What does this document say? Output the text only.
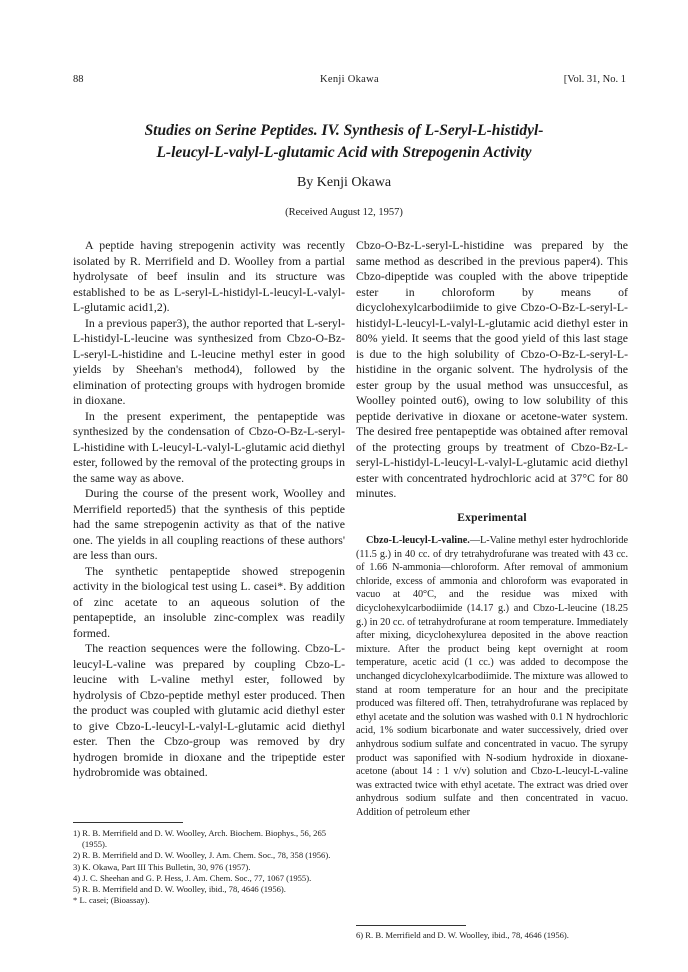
88	Kenji Okawa	[Vol. 31, No. 1
Studies on Serine Peptides. IV. Synthesis of L-Seryl-L-histidyl-
L-leucyl-L-valyl-L-glutamic Acid with Strepogenin Activity
By Kenji Okawa
(Received August 12, 1957)

A peptide having strepogenin activity was recently isolated by R. Merrifield and D. Woolley from a partial hydrolysate of beef insulin and its structure was established to be as L-seryl-L-histidyl-L-leucyl-L-valyl-L-glutamic acid1,2).

In a previous paper3), the author reported that L-seryl-L-histidyl-L-leucine was synthesized from Cbzo-O-Bz-L-seryl-L-histidine and L-leucine methyl ester in good yields by Sheehan's method4), followed by the elimination of protecting groups with hydrogen bromide in dioxane.

In the present experiment, the pentapeptide was synthesized by the condensation of Cbzo-O-Bz-L-seryl-L-histidine with L-leucyl-L-valyl-L-glutamic acid diethyl ester, followed by the removal of the protecting groups in the same way as above.

During the course of the present work, Woolley and Merrifield reported5) that the synthesis of this peptide had the same strepogenin activity as that of the native one. The yields in all coupling reactions of these authors' are less than ours.

The synthetic pentapeptide showed strepogenin activity in the biological test using L. casei*. By addition of zinc acetate to an aqueous solution of the pentapeptide, an insoluble zinc-complex was readily formed.

The reaction sequences were the following. Cbzo-L-leucyl-L-valine was prepared by coupling Cbzo-L-leucine with L-valine methyl ester, followed by hydrolysis of Cbzo-peptide methyl ester produced. Then the product was coupled with glutamic acid diethyl ester to give Cbzo-L-leucyl-L-valyl-L-glutamic acid diethyl ester. Then the Cbzo-group was removed by dry hydrogen bromide in dioxane and the tripeptide ester hydrobromide was obtained.

1) R. B. Merrifield and D. W. Woolley, Arch. Biochem. Biophys., 56, 265 (1955).
2) R. B. Merrifield and D. W. Woolley, J. Am. Chem. Soc., 78, 358 (1956).
3) K. Okawa, Part III This Bulletin, 30, 976 (1957).
4) J. C. Sheehan and G. P. Hess, J. Am. Chem. Soc., 77, 1067 (1955).
5) R. B. Merrifield and D. W. Woolley, ibid., 78, 4646 (1956).
* L. casei; (Bioassay).

Cbzo-O-Bz-L-seryl-L-histidine was prepared by the same method as described in the previous paper4). This Cbzo-dipeptide was coupled with the above tripeptide ester in chloroform by means of dicyclohexylcarbodiimide to give Cbzo-O-Bz-L-seryl-L-histidyl-L-leucyl-L-valyl-L-glutamic acid diethyl ester in 80% yield. It seems that the good yield of this last stage is due to the high solubility of Cbzo-O-Bz-L-seryl-L-histidine in the organic solvent. The hydrolysis of the ester group by the usual method was unsuccesful, as Woolley pointed out6), owing to low solubility of this peptide derivative in dioxane or acetone-water system. The desired free pentapeptide was obtained after removal of the protecting groups by treatment of Cbzo-Bz-L-seryl-L-histidyl-L-leucyl-L-valyl-L-glutamic acid diethyl ester with concentrated hydrochloric acid at 37°C for 80 minutes.

Experimental

Cbzo-L-leucyl-L-valine.—L-Valine methyl ester hydrochloride (11.5 g.) in 40 cc. of dry tetrahydrofurane was treated with 43 cc. of 1.66 N-ammonia—chloroform. After removal of ammonium chloride, excess of ammonia and chloroform was evaporated in vacuo at 40°C, and the residue was mixed with dicyclohexylcarbodiimide (14.17 g.) and Cbzo-L-leucine (18.25 g.) in 20 cc. of tetrahydrofurane at room temperature. Immediately after mixing, dicyclohexylurea deposited in the above reaction mixture. After the product being kept overnight at room temperature, acetic acid (1 cc.) was added to decompose the unchanged dicyclohexylcarbodiimide. The mixture was allowed to stand at room temperature for an hour and the precipitate produced was filtered off. Then, tetrahydrofurane was replaced by ethyl acetate and the solution was washed with 0.1 N hydrochloric acid, 1% sodium bicarbonate and water successively, dried over anhydrous sodium sulfate and concentrated in vacuo. The syrupy product was saponified with N-sodium hydroxide in dioxane-acetone (about 14 : 1 v/v) solution and Cbzo-L-leucyl-L-valine was extracted twice with ethyl acetate. The extract was dried over anhydrous sodium sulfate and then concentrated in vacuo. Addition of petroleum ether

6) R. B. Merrifield and D. W. Woolley, ibid., 78, 4646 (1956).
